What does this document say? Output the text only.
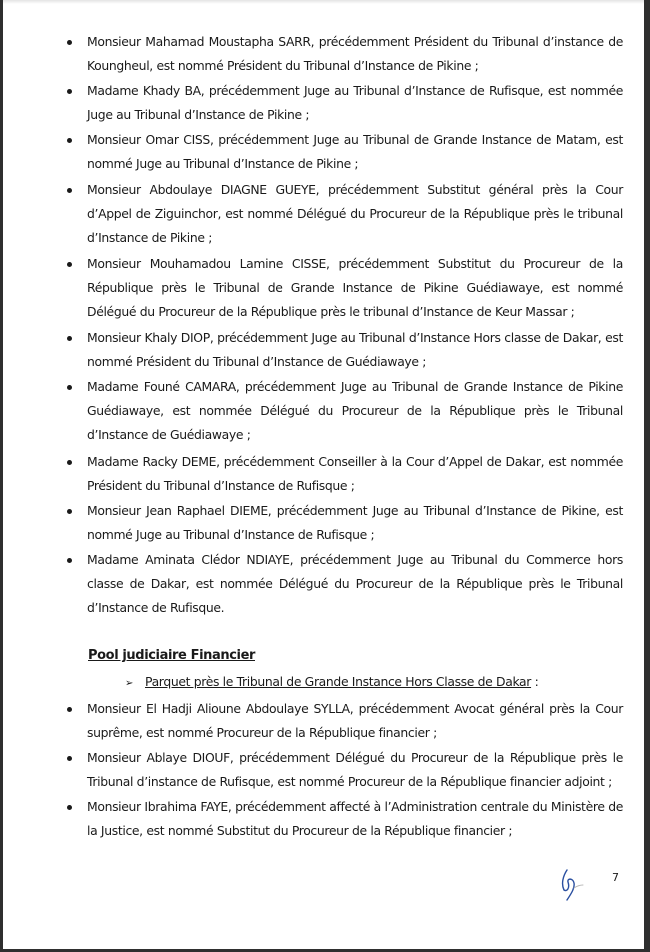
Monsieur Mahamad Moustapha SARR, précédemment Président du Tribunal d’instance de Koungheul, est nommé Président du Tribunal d’Instance de Pikine ;
Madame Khady BA, précédemment Juge au Tribunal d’Instance de Rufisque, est nommée Juge au Tribunal d’Instance de Pikine ;
Monsieur Omar CISS, précédemment Juge au Tribunal de Grande Instance de Matam, est nommé Juge au Tribunal d’Instance de Pikine ;
Monsieur Abdoulaye DIAGNE GUEYE, précédemment Substitut général près la Cour d’Appel de Ziguinchor, est nommé Délégué du Procureur de la République près le tribunal d’Instance de Pikine ;
Monsieur Mouhamadou Lamine CISSE, précédemment Substitut du Procureur de la République près le Tribunal de Grande Instance de Pikine Guédiawaye, est nommé Délégué du Procureur de la République près le tribunal d’Instance de Keur Massar ;
Monsieur Khaly DIOP, précédemment Juge au Tribunal d’Instance Hors classe de Dakar, est nommé Président du Tribunal d’Instance de Guédiawaye ;
Madame Founé CAMARA, précédemment Juge au Tribunal de Grande Instance de Pikine Guédiawaye, est nommée Délégué du Procureur de la République près le Tribunal d’Instance de Guédiawaye ;
Madame Racky DEME, précédemment Conseiller à la Cour d’Appel de Dakar, est nommée Président du Tribunal d’Instance de Rufisque ;
Monsieur Jean Raphael DIEME, précédemment Juge au Tribunal d’Instance de Pikine, est nommé Juge au Tribunal d’Instance de Rufisque ;
Madame Aminata Clédor NDIAYE, précédemment Juge au Tribunal du Commerce hors classe de Dakar, est nommée Délégué du Procureur de la République près le Tribunal d’Instance de Rufisque.
Pool judiciaire Financier
➢ Parquet près le Tribunal de Grande Instance Hors Classe de Dakar :
Monsieur El Hadji Alioune Abdoulaye SYLLA, précédemment Avocat général près la Cour suprême, est nommé Procureur de la République financier ;
Monsieur Ablaye DIOUF, précédemment Délégué du Procureur de la République près le Tribunal d’instance de Rufisque, est nommé Procureur de la République financier adjoint ;
Monsieur Ibrahima FAYE, précédemment affecté à l’Administration centrale du Ministère de la Justice, est nommé Substitut du Procureur de la République financier ;
7
